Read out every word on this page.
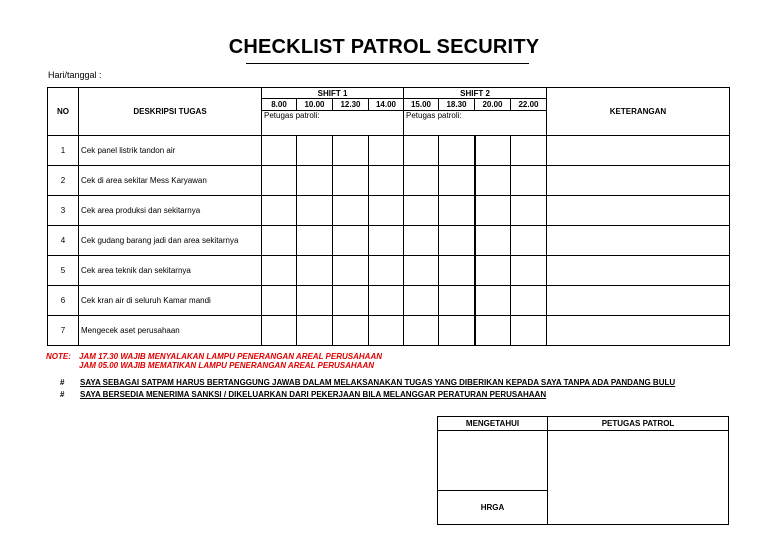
CHECKLIST PATROL SECURITY
Hari/tanggal :
NO	DESKRIPSI TUGAS	SHIFT 1				SHIFT 2				KETERANGAN
		8.00	10.00	12.30	14.00	15.00	18.30	20.00	22.00	
		Petugas patroli:				Petugas patroli:				
1	Cek panel listrik tandon air									
2	Cek di area sekitar Mess Karyawan									
3	Cek area produksi dan sekitarnya									
4	Cek gudang barang jadi dan area sekitarnya									
5	Cek area teknik dan sekitarnya									
6	Cek kran air di seluruh Kamar mandi									
7	Mengecek aset perusahaan									
NOTE: JAM 17.30 WAJIB MENYALAKAN LAMPU PENERANGAN AREAL PERUSAHAAN
JAM 05.00 WAJIB MEMATIKAN LAMPU PENERANGAN AREAL PERUSAHAAN
# SAYA SEBAGAI SATPAM HARUS BERTANGGUNG JAWAB DALAM MELAKSANAKAN TUGAS YANG DIBERIKAN KEPADA SAYA TANPA ADA PANDANG BULU
# SAYA BERSEDIA MENERIMA SANKSI / DIKELUARKAN DARI PEKERJAAN BILA MELANGGAR PERATURAN PERUSAHAAN
MENGETAHUI	PETUGAS PATROL

HRGA	
